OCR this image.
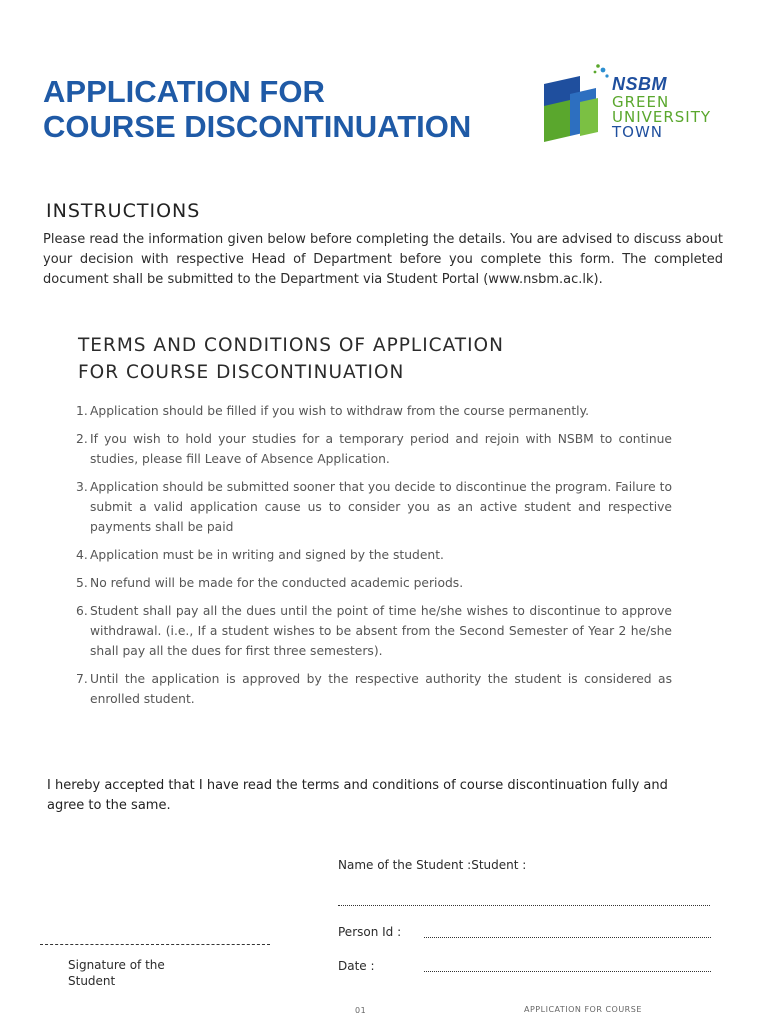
APPLICATION FOR
COURSE DISCONTINUATION
NSBM
GREEN
UNIVERSITY
TOWN
INSTRUCTIONS
Please read the information given below before completing the details. You are advised to discuss about your decision with respective Head of Department before you complete this form. The completed document shall be submitted to the Department via Student Portal (www.nsbm.ac.lk).
TERMS AND CONDITIONS OF APPLICATION
FOR COURSE DISCONTINUATION
1. Application should be filled if you wish to withdraw from the course permanently.
2. If you wish to hold your studies for a temporary period and rejoin with NSBM to continue studies, please fill Leave of Absence Application.
3. Application should be submitted sooner that you decide to discontinue the program. Failure to submit a valid application cause us to consider you as an active student and respective payments shall be paid
4. Application must be in writing and signed by the student.
5. No refund will be made for the conducted academic periods.
6. Student shall pay all the dues until the point of time he/she wishes to discontinue to approve withdrawal. (i.e., If a student wishes to be absent from the Second Semester of Year 2 he/she shall pay all the dues for first three semesters).
7. Until the application is approved by the respective authority the student is considered as enrolled student.
I hereby accepted that I have read the terms and conditions of course discontinuation fully and agree to the same.
Name of the Student :Student :
Person Id :
Date :
Signature of the Student
01	APPLICATION FOR COURSE
